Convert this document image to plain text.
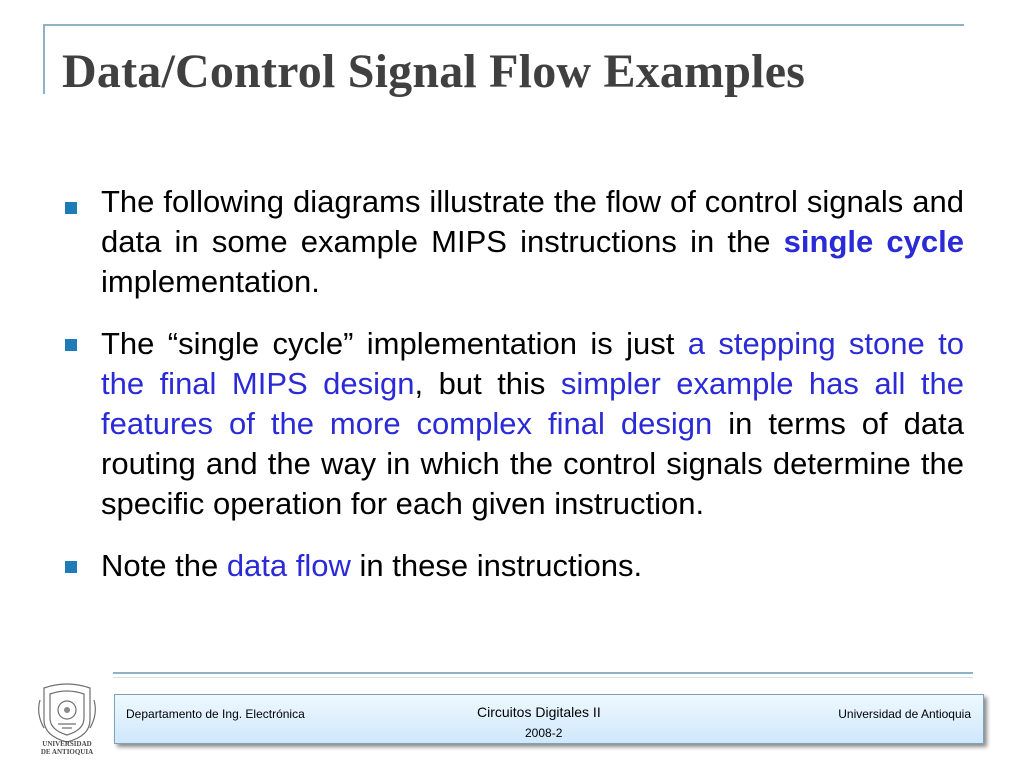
Data/Control Signal Flow Examples
The following diagrams illustrate the flow of control signals and data in some example MIPS instructions in the single cycle implementation.
The “single cycle” implementation is just a stepping stone to the final MIPS design, but this simpler example has all the features of the more complex final design in terms of data routing and the way in which the control signals determine the specific operation for each given instruction.
Note the data flow in these instructions.
UNIVERSIDAD
DE ANTIOQUIA
Departamento de Ing. Electrónica	Circuitos Digitales II
2008-2
Universidad de Antioquia
